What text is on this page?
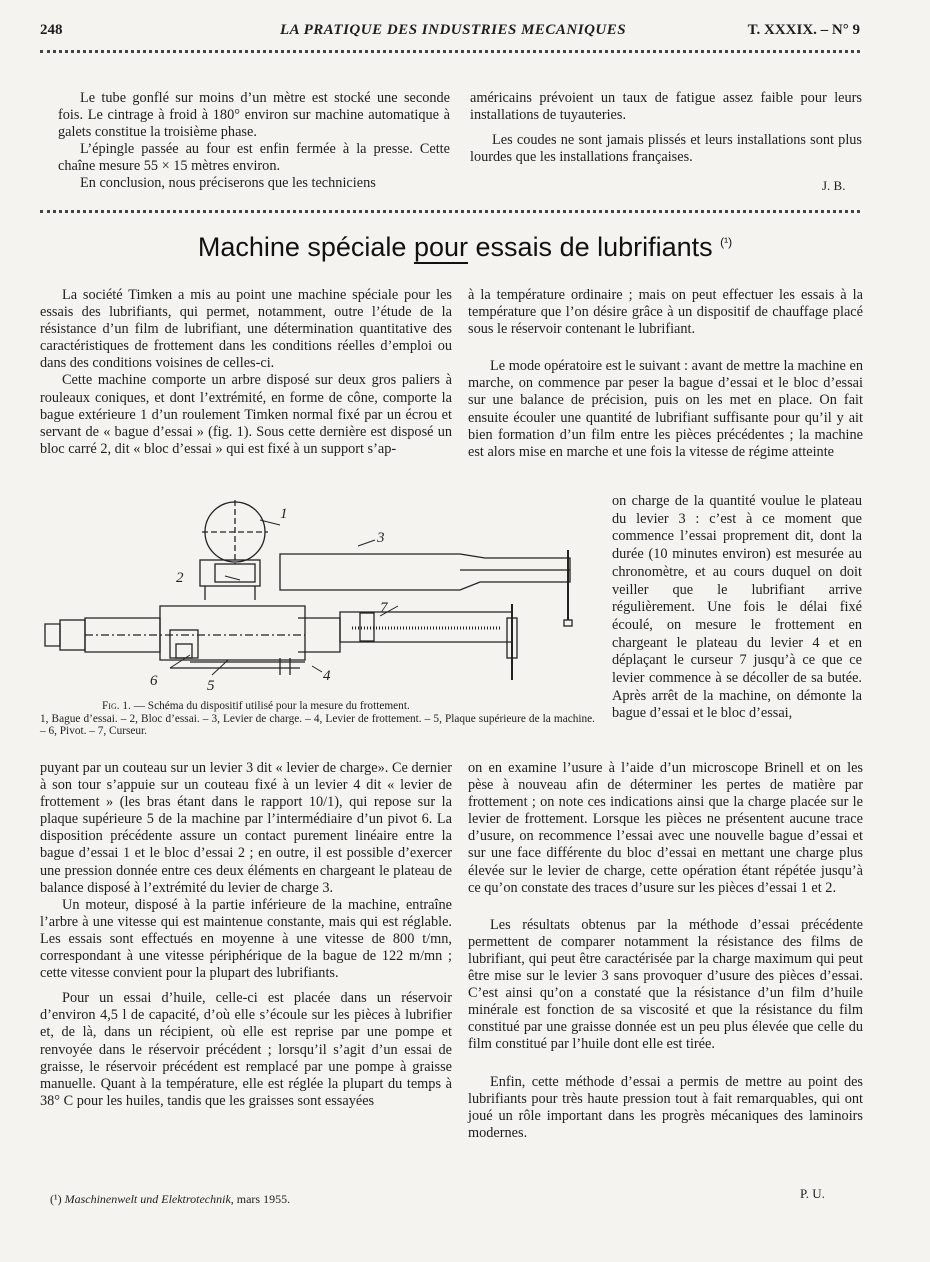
248	LA PRATIQUE DES INDUSTRIES MECANIQUES	T. XXXIX. – N° 9

Le tube gonflé sur moins d’un mètre est stocké une seconde fois. Le cintrage à froid à 180° environ sur machine automatique à galets constitue la troisième phase.

L’épingle passée au four est enfin fermée à la presse. Cette chaîne mesure 55 × 15 mètres environ.

En conclusion, nous préciserons que les techniciens

américains prévoient un taux de fatigue assez faible pour leurs installations de tuyauteries.

Les coudes ne sont jamais plissés et leurs installations sont plus lourdes que les installations françaises.

J. B.
Machine spéciale pour essais de lubrifiants $^{(^1)}$

La société Timken a mis au point une machine spéciale pour les essais des lubrifiants, qui permet, notamment, outre l’étude de la résistance d’un film de lubrifiant, une détermination quantitative des caractéristiques de frottement dans les conditions réelles d’emploi ou dans des conditions voisines de celles-ci.

Cette machine comporte un arbre disposé sur deux gros paliers à rouleaux coniques, et dont l’extrémité, en forme de cône, comporte la bague extérieure 1 d’un roulement Timken normal fixé par un écrou et servant de « bague d’essai » (fig. 1). Sous cette dernière est disposé un bloc carré 2, dit « bloc d’essai » qui est fixé à un support s’ap-

à la température ordinaire ; mais on peut effectuer les essais à la température que l’on désire grâce à un dispositif de chauffage placé sous le réservoir contenant le lubrifiant.

Le mode opératoire est le suivant : avant de mettre la machine en marche, on commence par peser la bague d’essai et le bloc d’essai sur une balance de précision, puis on les met en place. On fait ensuite écouler une quantité de lubrifiant suffisante pour qu’il y ait bien formation d’un film entre les pièces précédentes ; la machine est alors mise en marche et une fois la vitesse de régime atteinte

1
2
3
4
5
6
7
Fig. 1. — Schéma du dispositif utilisé pour la mesure du frottement.
1, Bague d’essai. – 2, Bloc d’essai. – 3, Levier de charge. – 4, Levier de frottement. – 5, Plaque supérieure de la machine. – 6, Pivot. – 7, Curseur.

on charge de la quantité voulue le plateau du levier 3 : c’est à ce moment que commence l’essai proprement dit, dont la durée (10 minutes environ) est mesurée au chronomètre, et au cours duquel on doit veiller que le lubrifiant arrive régulièrement. Une fois le délai fixé écoulé, on mesure le frottement en chargeant le plateau du levier 4 et en déplaçant le curseur 7 jusqu’à ce que ce levier commence à se décoller de sa butée. Après arrêt de la machine, on démonte la bague d’essai et le bloc d’essai,

puyant par un couteau sur un levier 3 dit « levier de charge». Ce dernier à son tour s’appuie sur un couteau fixé à un levier 4 dit « levier de frottement » (les bras étant dans le rapport 10/1), qui repose sur la plaque supérieure 5 de la machine par l’intermédiaire d’un pivot 6. La disposition précédente assure un contact purement linéaire entre la bague d’essai 1 et le bloc d’essai 2 ; en outre, il est possible d’exercer une pression donnée entre ces deux éléments en chargeant le plateau de balance disposé à l’extrémité du levier de charge 3.

Un moteur, disposé à la partie inférieure de la machine, entraîne l’arbre à une vitesse qui est maintenue constante, mais qui est réglable. Les essais sont effectués en moyenne à une vitesse de 800 t/mn, correspondant à une vitesse périphérique de la bague de 122 m/mn ; cette vitesse convient pour la plupart des lubrifiants.

Pour un essai d’huile, celle-ci est placée dans un réservoir d’environ 4,5 l de capacité, d’où elle s’écoule sur les pièces à lubrifier et, de là, dans un récipient, où elle est reprise par une pompe et renvoyée dans le réservoir précédent ; lorsqu’il s’agit d’un essai de graisse, le réservoir précédent est remplacé par une pompe à graisse manuelle. Quant à la température, elle est réglée la plupart du temps à 38° C pour les huiles, tandis que les graisses sont essayées

on en examine l’usure à l’aide d’un microscope Brinell et on les pèse à nouveau afin de déterminer les pertes de matière par frottement ; on note ces indications ainsi que la charge placée sur le levier de frottement. Lorsque les pièces ne présentent aucune trace d’usure, on recommence l’essai avec une nouvelle bague d’essai et sur une face différente du bloc d’essai en mettant une charge plus élevée sur le levier de charge, cette opération étant répétée jusqu’à ce qu’on constate des traces d’usure sur les pièces d’essai 1 et 2.

Les résultats obtenus par la méthode d’essai précédente permettent de comparer notamment la résistance des films de lubrifiant, qui peut être caractérisée par la charge maximum qui peut être mise sur le levier 3 sans provoquer d’usure des pièces d’essai. C’est ainsi qu’on a constaté que la résistance d’un film d’huile minérale est fonction de sa viscosité et que la résistance du film constitué par une graisse donnée est un peu plus élevée que celle du film constitué par l’huile dont elle est tirée.

Enfin, cette méthode d’essai a permis de mettre au point des lubrifiants pour très haute pression tout à fait remarquables, qui ont joué un rôle important dans les progrès mécaniques des laminoirs modernes.

P. U.
(¹) Maschinenwelt und Elektrotechnik, mars 1955.
